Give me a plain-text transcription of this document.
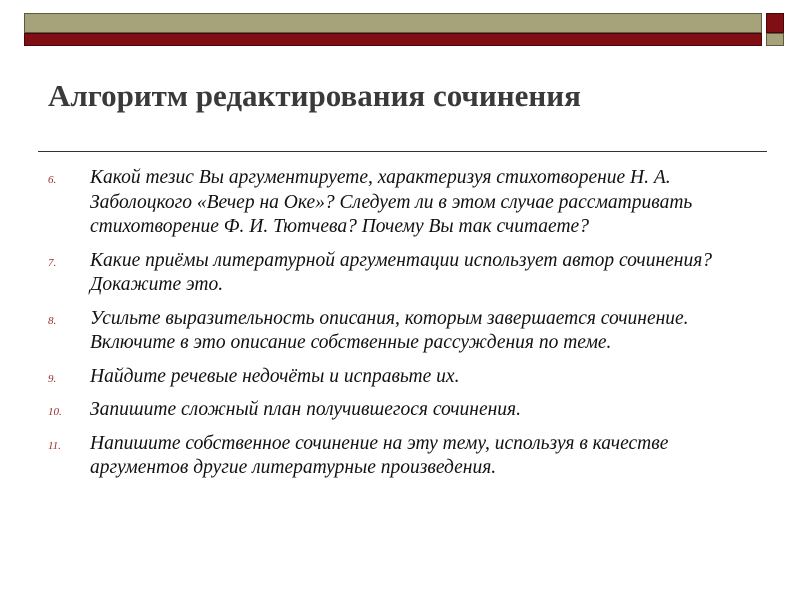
Алгоритм редактирования сочинения
6.	Какой тезис Вы аргументируете, характеризуя стихотворение Н. А. Заболоцкого «Вечер на Оке»? Следует ли в этом случае рассматривать стихотворение Ф. И. Тютчева? Почему Вы так считаете?
7.	Какие приёмы литературной аргументации использует автор сочинения? Докажите это.
8.	Усильте выразительность описания, которым завершается сочинение. Включите в это описание собственные рассуждения по теме.
9.	Найдите речевые недочёты и исправьте их.
10.	Запишите сложный план получившегося сочинения.
11.	Напишите собственное сочинение на эту тему, используя в качестве аргументов другие литературные произведения.
